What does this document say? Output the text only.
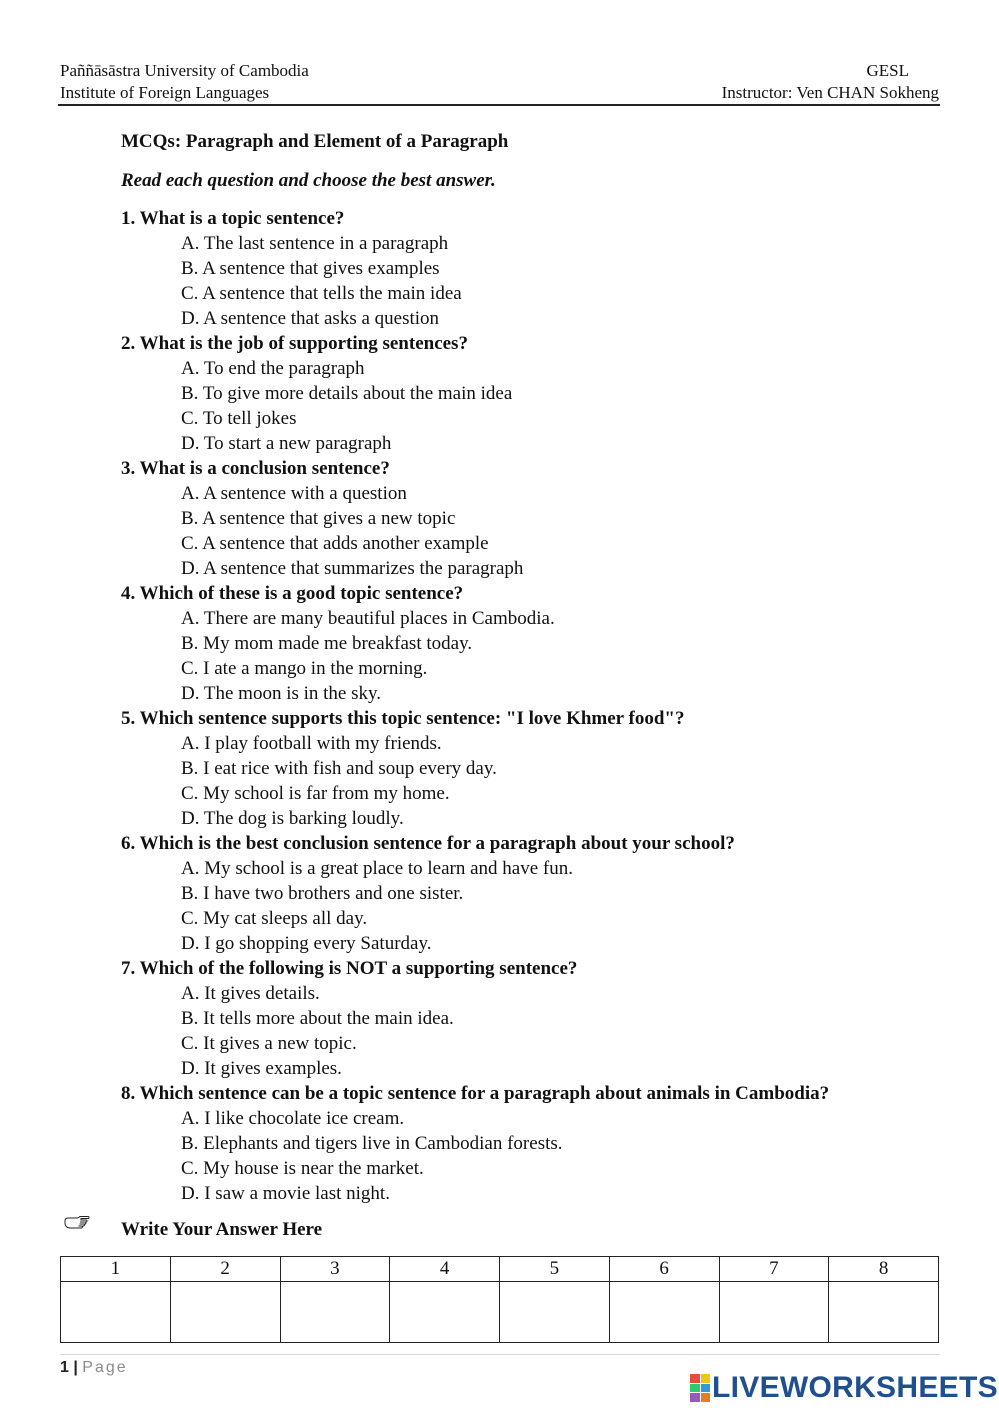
Paññāsāstra University of Cambodia	GESL
Institute of Foreign Languages	Instructor: Ven CHAN Sokheng
MCQs: Paragraph and Element of a Paragraph
Read each question and choose the best answer.
1. What is a topic sentence?
A. The last sentence in a paragraph
B. A sentence that gives examples
C. A sentence that tells the main idea
D. A sentence that asks a question
2. What is the job of supporting sentences?
A. To end the paragraph
B. To give more details about the main idea
C. To tell jokes
D. To start a new paragraph
3. What is a conclusion sentence?
A. A sentence with a question
B. A sentence that gives a new topic
C. A sentence that adds another example
D. A sentence that summarizes the paragraph
4. Which of these is a good topic sentence?
A. There are many beautiful places in Cambodia.
B. My mom made me breakfast today.
C. I ate a mango in the morning.
D. The moon is in the sky.
5. Which sentence supports this topic sentence: "I love Khmer food"?
A. I play football with my friends.
B. I eat rice with fish and soup every day.
C. My school is far from my home.
D. The dog is barking loudly.
6. Which is the best conclusion sentence for a paragraph about your school?
A. My school is a great place to learn and have fun.
B. I have two brothers and one sister.
C. My cat sleeps all day.
D. I go shopping every Saturday.
7. Which of the following is NOT a supporting sentence?
A. It gives details.
B. It tells more about the main idea.
C. It gives a new topic.
D. It gives examples.
8. Which sentence can be a topic sentence for a paragraph about animals in Cambodia?
A. I like chocolate ice cream.
B. Elephants and tigers live in Cambodian forests.
C. My house is near the market.
D. I saw a movie last night.
Write Your Answer Here
1	2	3	4	5	6	7	8

1 | Page
LIVEWORKSHEETS
